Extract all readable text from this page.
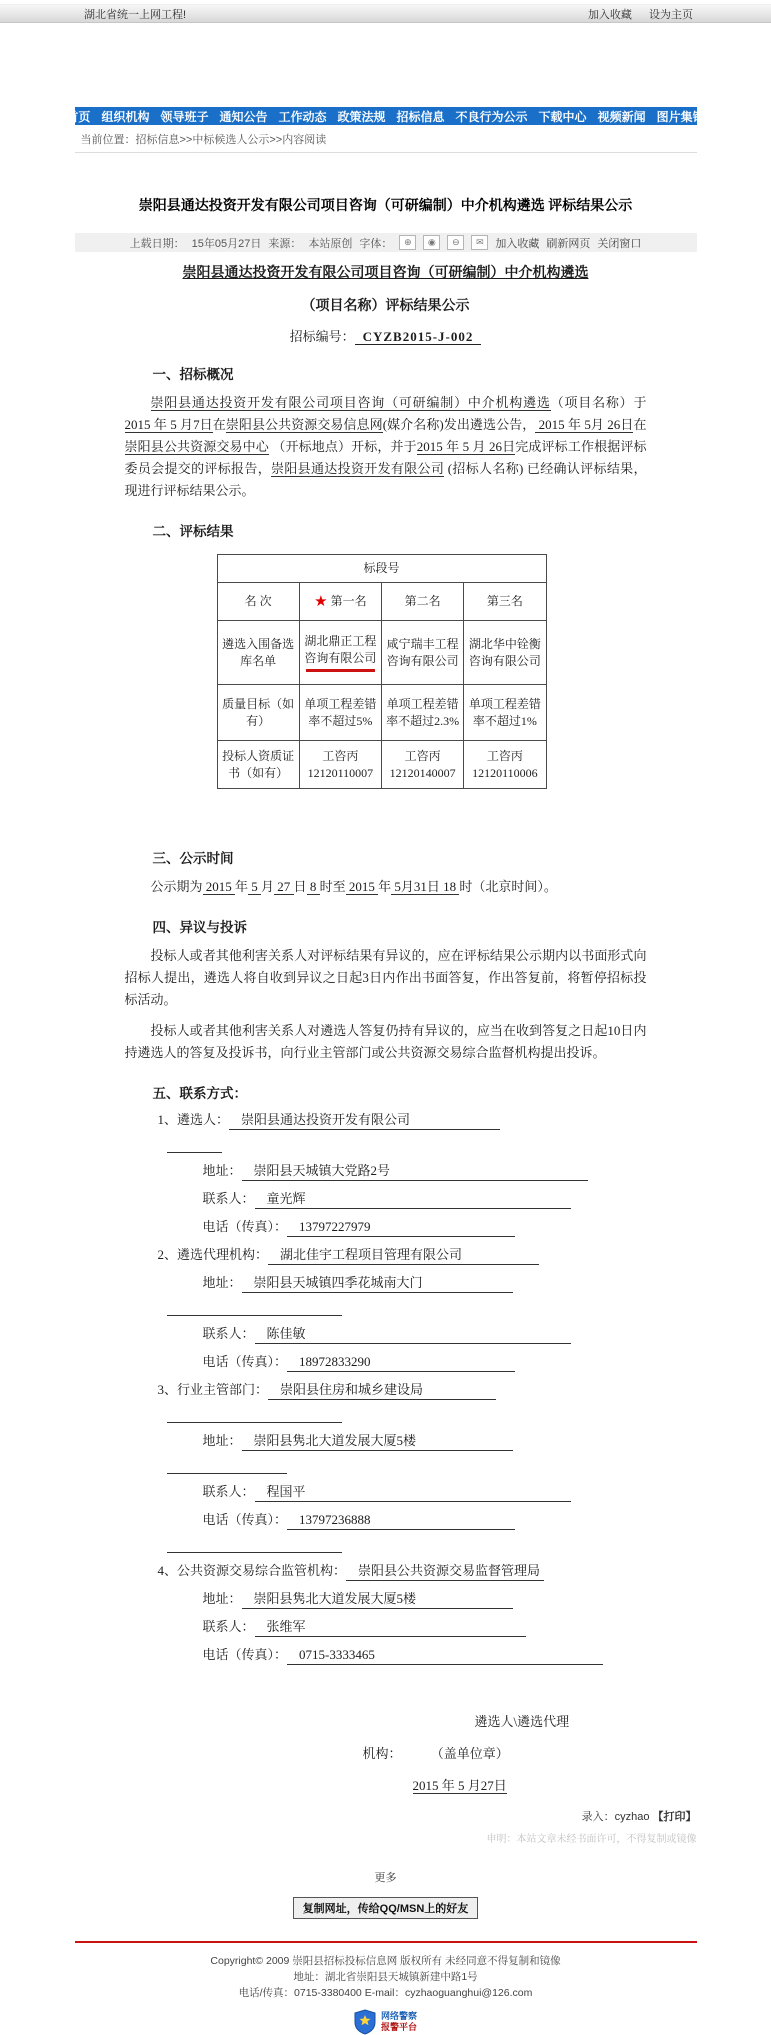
湖北省统一上网工程!	加入收藏 设为主页
首页 组织机构 领导班子 通知公告 工作动态 政策法规 招标信息 不良行为公示 下载中心 视频新闻 图片集锦
当前位置：招标信息>>中标候选人公示>>内容阅读
崇阳县通达投资开发有限公司项目咨询（可研编制）中介机构遴选 评标结果公示
上载日期： 15年05月27日 来源： 本站原创 字体：	⊕	◉	⊖	✉	加入收藏 刷新网页 关闭窗口
崇阳县通达投资开发有限公司项目咨询（可研编制）中介机构遴选
（项目名称）评标结果公示
招标编号： CYZB2015-J-002
一、招标概况
崇阳县通达投资开发有限公司项目咨询（可研编制）中介机构遴选（项目名称）于 2015 年 5 月7日在崇阳县公共资源交易信息网(媒介名称)发出遴选公告， 2015 年 5月 26日在 崇阳县公共资源交易中心 （开标地点）开标，并于2015 年 5 月 26日完成评标工作根据评标委员会提交的评标报告，崇阳县通达投资开发有限公司 (招标人名称) 已经确认评标结果，现进行评标结果公示。
二、评标结果
标段号			
名 次	★ 第一名	第二名	第三名
遴选入围备选库名单	湖北鼎正工程咨询有限公司	咸宁瑞丰工程咨询有限公司	湖北华中铨衡咨询有限公司
质量目标（如有）	单项工程差错率不超过5%	单项工程差错率不超过2.3%	单项工程差错率不超过1%
投标人资质证书（如有）	工咨丙12120110007	工咨丙12120140007	工咨丙12120110006
三、公示时间
公示期为 2015 年 5 月 27 日 8 时至 2015 年 5月31日 18 时（北京时间）。
四、异议与投诉
投标人或者其他利害关系人对评标结果有异议的，应在评标结果公示期内以书面形式向招标人提出，遴选人将自收到异议之日起3日内作出书面答复，作出答复前，将暂停招标投标活动。
投标人或者其他利害关系人对遴选人答复仍持有异议的，应当在收到答复之日起10日内持遴选人的答复及投诉书，向行业主管部门或公共资源交易综合监督机构提出投诉。
五、联系方式：
1、遴选人： 崇阳县通达投资开发有限公司
地址： 崇阳县天城镇大党路2号
联系人： 童光辉
电话（传真）： 13797227979
2、遴选代理机构： 湖北佳宇工程项目管理有限公司
地址： 崇阳县天城镇四季花城南大门
联系人： 陈佳敏
电话（传真）： 18972833290
3、行业主管部门： 崇阳县住房和城乡建设局
地址： 崇阳县隽北大道发展大厦5楼
联系人： 程国平
电话（传真）： 13797236888
4、公共资源交易综合监管机构： 崇阳县公共资源交易监督管理局
地址： 崇阳县隽北大道发展大厦5楼
联系人： 张维军
电话（传真）： 0715-3333465
遴选人\遴选代理
机构： （盖单位章）
2015 年 5 月27日
录入：cyzhao 【打印】
申明：本站文章未经书面许可，不得复制或镜像
更多
复制网址，传给QQ/MSN上的好友
Copyright© 2009 崇阳县招标投标信息网 版权所有 未经同意不得复制和镜像
地址：湖北省崇阳县天城镇新建中路1号
电话/传真：0715-3380400 E-mail：cyzhaoguanghui@126.com
网络警察
报警平台
